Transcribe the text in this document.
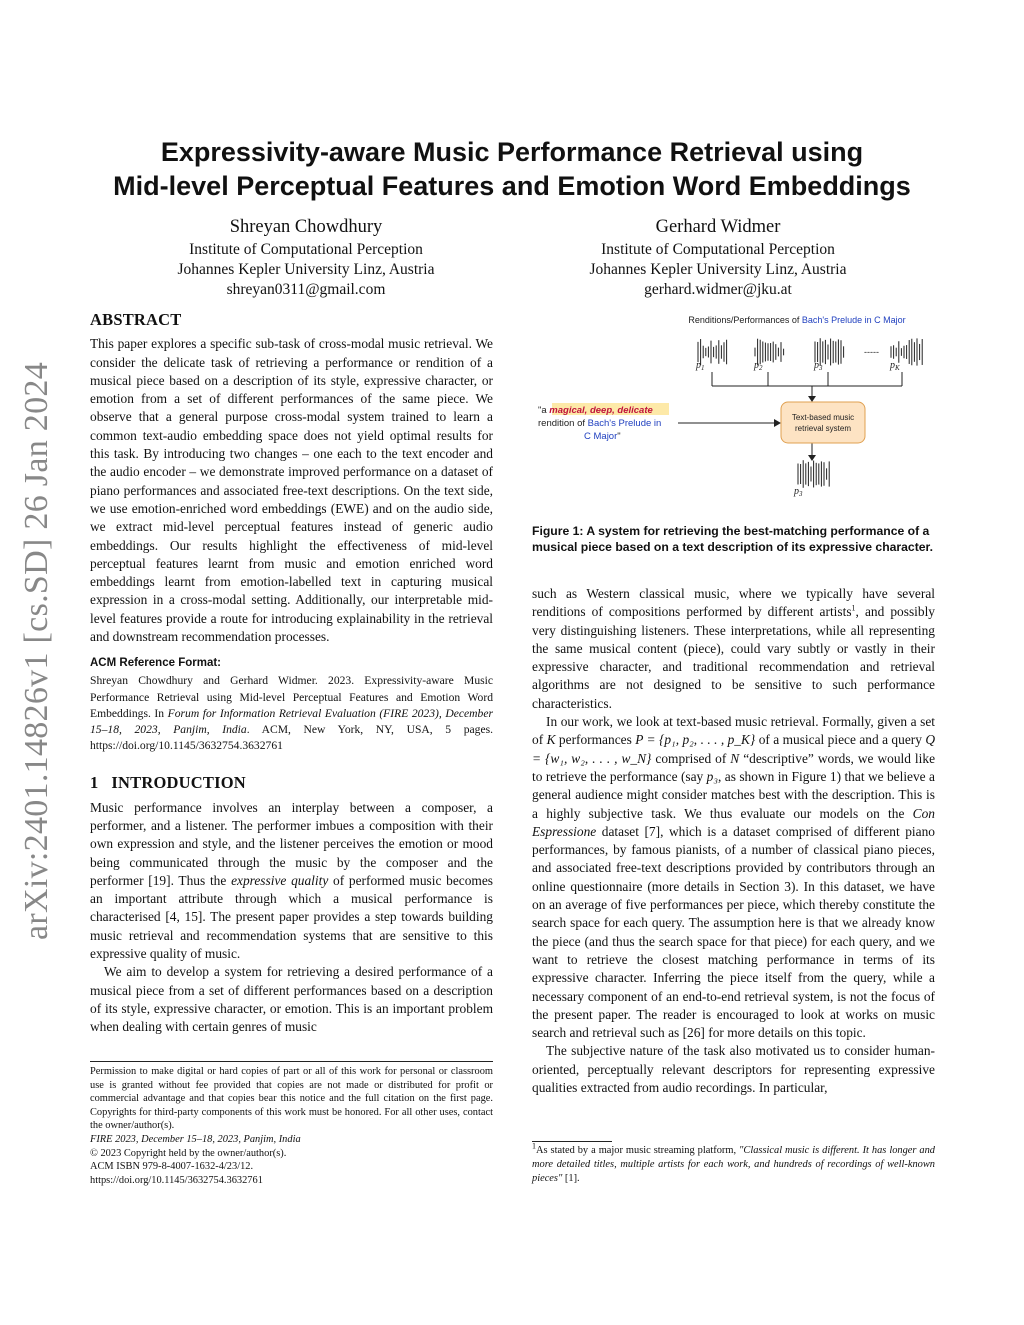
Expressivity-aware Music Performance Retrieval using
Mid-level Perceptual Features and Emotion Word Embeddings
Shreyan Chowdhury
Institute of Computational Perception
Johannes Kepler University Linz, Austria
shreyan0311@gmail.com
Gerhard Widmer
Institute of Computational Perception
Johannes Kepler University Linz, Austria
gerhard.widmer@jku.at
arXiv:2401.14826v1 [cs.SD] 26 Jan 2024
ABSTRACT

This paper explores a specific sub-task of cross-modal music retrieval. We consider the delicate task of retrieving a performance or rendition of a musical piece based on a description of its style, expressive character, or emotion from a set of different performances of the same piece. We observe that a general purpose cross-modal system trained to learn a common text-audio embedding space does not yield optimal results for this task. By introducing two changes – one each to the text encoder and the audio encoder – we demonstrate improved performance on a dataset of piano performances and associated free-text descriptions. On the text side, we use emotion-enriched word embeddings (EWE) and on the audio side, we extract mid-level perceptual features instead of generic audio embeddings. Our results highlight the effectiveness of mid-level perceptual features learnt from music and emotion enriched word embeddings learnt from emotion-labelled text in capturing musical expression in a cross-modal setting. Additionally, our interpretable mid-level features provide a route for introducing explainability in the retrieval and downstream recommendation processes.

ACM Reference Format:
Shreyan Chowdhury and Gerhard Widmer. 2023. Expressivity-aware Music Performance Retrieval using Mid-level Perceptual Features and Emotion Word Embeddings. In Forum for Information Retrieval Evaluation (FIRE 2023), December 15–18, 2023, Panjim, India. ACM, New York, NY, USA, 5 pages. https://doi.org/10.1145/3632754.3632761
1   INTRODUCTION

Music performance involves an interplay between a composer, a performer, and a listener. The performer imbues a composition with their own expression and style, and the listener perceives the emotion or mood being communicated through the music by the composer and the performer [19]. Thus the expressive quality of performed music becomes an important attribute through which a musical performance is characterised [4, 15]. The present paper provides a step towards building music retrieval and recommendation systems that are sensitive to this expressive quality of music.

We aim to develop a system for retrieving a desired performance of a musical piece from a set of different performances based on a description of its style, expressive character, or emotion. This is an important problem when dealing with certain genres of music

Permission to make digital or hard copies of part or all of this work for personal or classroom use is granted without fee provided that copies are not made or distributed for profit or commercial advantage and that copies bear this notice and the full citation on the first page. Copyrights for third-party components of this work must be honored. For all other uses, contact the owner/author(s).
FIRE 2023, December 15–18, 2023, Panjim, India
© 2023 Copyright held by the owner/author(s).
ACM ISBN 979-8-4007-1632-4/23/12.
https://doi.org/10.1145/3632754.3632761
Renditions/Performances of Bach's Prelude in C Major
$p_1$	$p_2$	$p_3$	$p_K$
-----
Text-based music
retrieval system
"a magical, deep, delicate
rendition of Bach's Prelude in
C Major"
$p_3$
Figure 1: A system for retrieving the best-matching performance of a musical piece based on a text description of its expressive character.

such as Western classical music, where we typically have several renditions of compositions performed by different artists$^1$, and possibly very distinguishing listeners. These interpretations, while all representing the same musical content (piece), could vary subtly or vastly in their expressive character, and traditional recommendation and retrieval algorithms are not designed to be sensitive to such performance characteristics.

In our work, we look at text-based music retrieval. Formally, given a set of K performances P = {p₁, p₂, . . . , p_K} of a musical piece and a query Q = {w₁, w₂, . . . , w_N} comprised of N “descriptive” words, we would like to retrieve the performance (say p₃, as shown in Figure 1) that we believe a general audience might consider matches best with the description. This is a highly subjective task. We thus evaluate our models on the Con Espressione dataset [7], which is a dataset comprised of different piano performances, by famous pianists, of a number of classical piano pieces, and associated free-text descriptions provided by contributors through an online questionnaire (more details in Section 3). In this dataset, we have on an average of five performances per piece, which thereby constitute the search space for each query. The assumption here is that we already know the piece (and thus the search space for that piece) for each query, and we want to retrieve the closest matching performance in terms of its expressive character. Inferring the piece itself from the query, while a necessary component of an end-to-end retrieval system, is not the focus of the present paper. The reader is encouraged to look at works on music search and retrieval such as [26] for more details on this topic.

The subjective nature of the task also motivated us to consider human-oriented, perceptually relevant descriptors for representing expressive qualities extracted from audio recordings. In particular,

$^1$As stated by a major music streaming platform, "Classical music is different. It has longer and more detailed titles, multiple artists for each work, and hundreds of recordings of well-known pieces" [1].
